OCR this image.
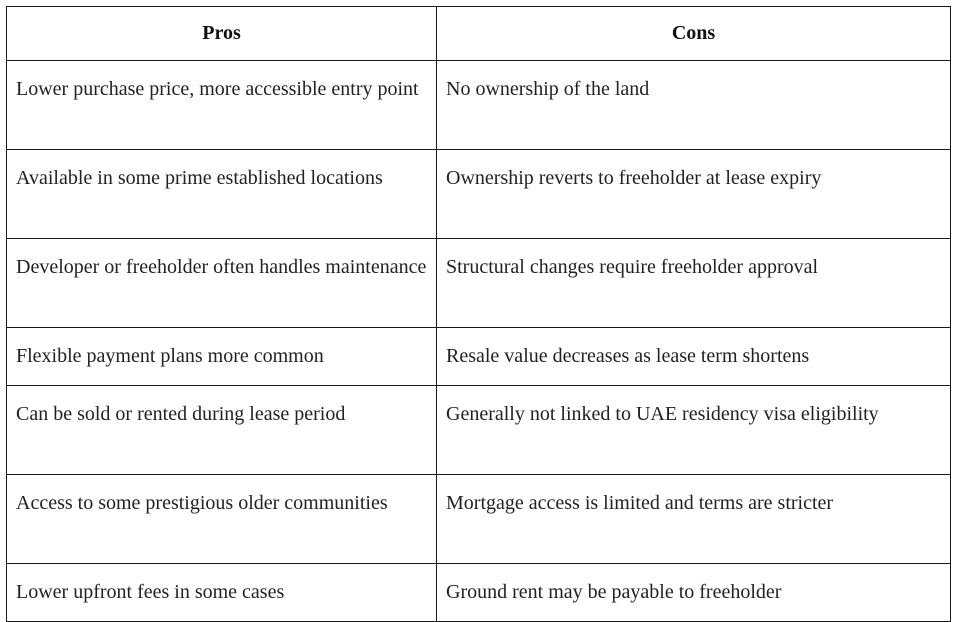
Pros	Cons
Lower purchase price, more accessible entry point	No ownership of the land
Available in some prime established locations	Ownership reverts to freeholder at lease expiry
Developer or freeholder often handles maintenance	Structural changes require freeholder approval
Flexible payment plans more common	Resale value decreases as lease term shortens
Can be sold or rented during lease period	Generally not linked to UAE residency visa eligibility
Access to some prestigious older communities	Mortgage access is limited and terms are stricter
Lower upfront fees in some cases	Ground rent may be payable to freeholder
